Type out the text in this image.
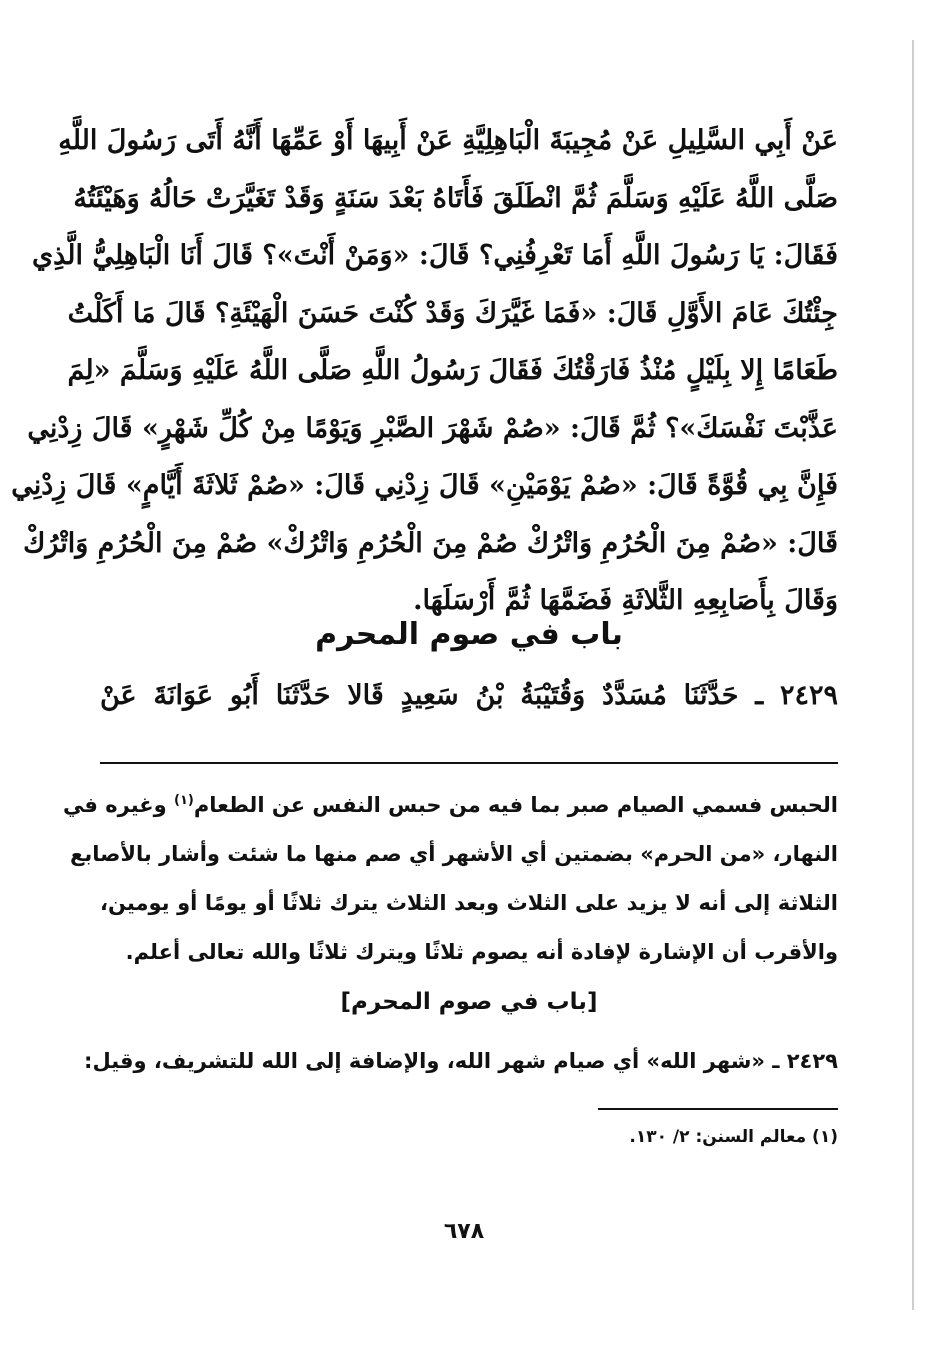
عَنْ أَبِي السَّلِيلِ عَنْ مُجِيبَةَ الْبَاهِلِيَّةِ عَنْ أَبِيهَا أَوْ عَمِّهَا أَنَّهُ أَتَى رَسُولَ اللَّهِ
صَلَّى اللَّهُ عَلَيْهِ وَسَلَّمَ ثُمَّ انْطَلَقَ فَأَتَاهُ بَعْدَ سَنَةٍ وَقَدْ تَغَيَّرَتْ حَالُهُ وَهَيْئَتُهُ
فَقَالَ: يَا رَسُولَ اللَّهِ أَمَا تَعْرِفُنِي؟ قَالَ: «وَمَنْ أَنْتَ»؟ قَالَ أَنَا الْبَاهِلِيُّ الَّذِي
جِئْتُكَ عَامَ الأَوَّلِ قَالَ: «فَمَا غَيَّرَكَ وَقَدْ كُنْتَ حَسَنَ الْهَيْئَةِ؟ قَالَ مَا أَكَلْتُ
طَعَامًا إِلا بِلَيْلٍ مُنْذُ فَارَقْتُكَ فَقَالَ رَسُولُ اللَّهِ صَلَّى اللَّهُ عَلَيْهِ وَسَلَّمَ «لِمَ
عَذَّبْتَ نَفْسَكَ»؟ ثُمَّ قَالَ: «صُمْ شَهْرَ الصَّبْرِ وَيَوْمًا مِنْ كُلِّ شَهْرٍ» قَالَ زِدْنِي
فَإِنَّ بِي قُوَّةً قَالَ: «صُمْ يَوْمَيْنِ» قَالَ زِدْنِي قَالَ: «صُمْ ثَلاثَةَ أَيَّامٍ» قَالَ زِدْنِي
قَالَ: «صُمْ مِنَ الْحُرُمِ وَاتْرُكْ صُمْ مِنَ الْحُرُمِ وَاتْرُكْ» صُمْ مِنَ الْحُرُمِ وَاتْرُكْ
وَقَالَ بِأَصَابِعِهِ الثَّلاثَةِ فَضَمَّهَا ثُمَّ أَرْسَلَهَا.
باب في صوم المحرم
٢٤٢٩ ـ حَدَّثَنَا مُسَدَّدٌ وَقُتَيْبَةُ بْنُ سَعِيدٍ قَالا حَدَّثَنَا أَبُو عَوَانَةَ عَنْ
الحبس فسمي الصيام صبر بما فيه من حبس النفس عن الطعام$^{(١)}$ وغيره في
النهار، «من الحرم» بضمتين أي الأشهر أي صم منها ما شئت وأشار بالأصابع
الثلاثة إلى أنه لا يزيد على الثلاث وبعد الثلاث يترك ثلاثًا أو يومًا أو يومين،
والأقرب أن الإشارة لإفادة أنه يصوم ثلاثًا ويترك ثلاثًا والله تعالى أعلم.
[باب في صوم المحرم]
٢٤٢٩ ـ «شهر الله» أي صيام شهر الله، والإضافة إلى الله للتشريف، وقيل:
(١) معالم السنن: ٢/ ١٣٠.
٦٧٨
